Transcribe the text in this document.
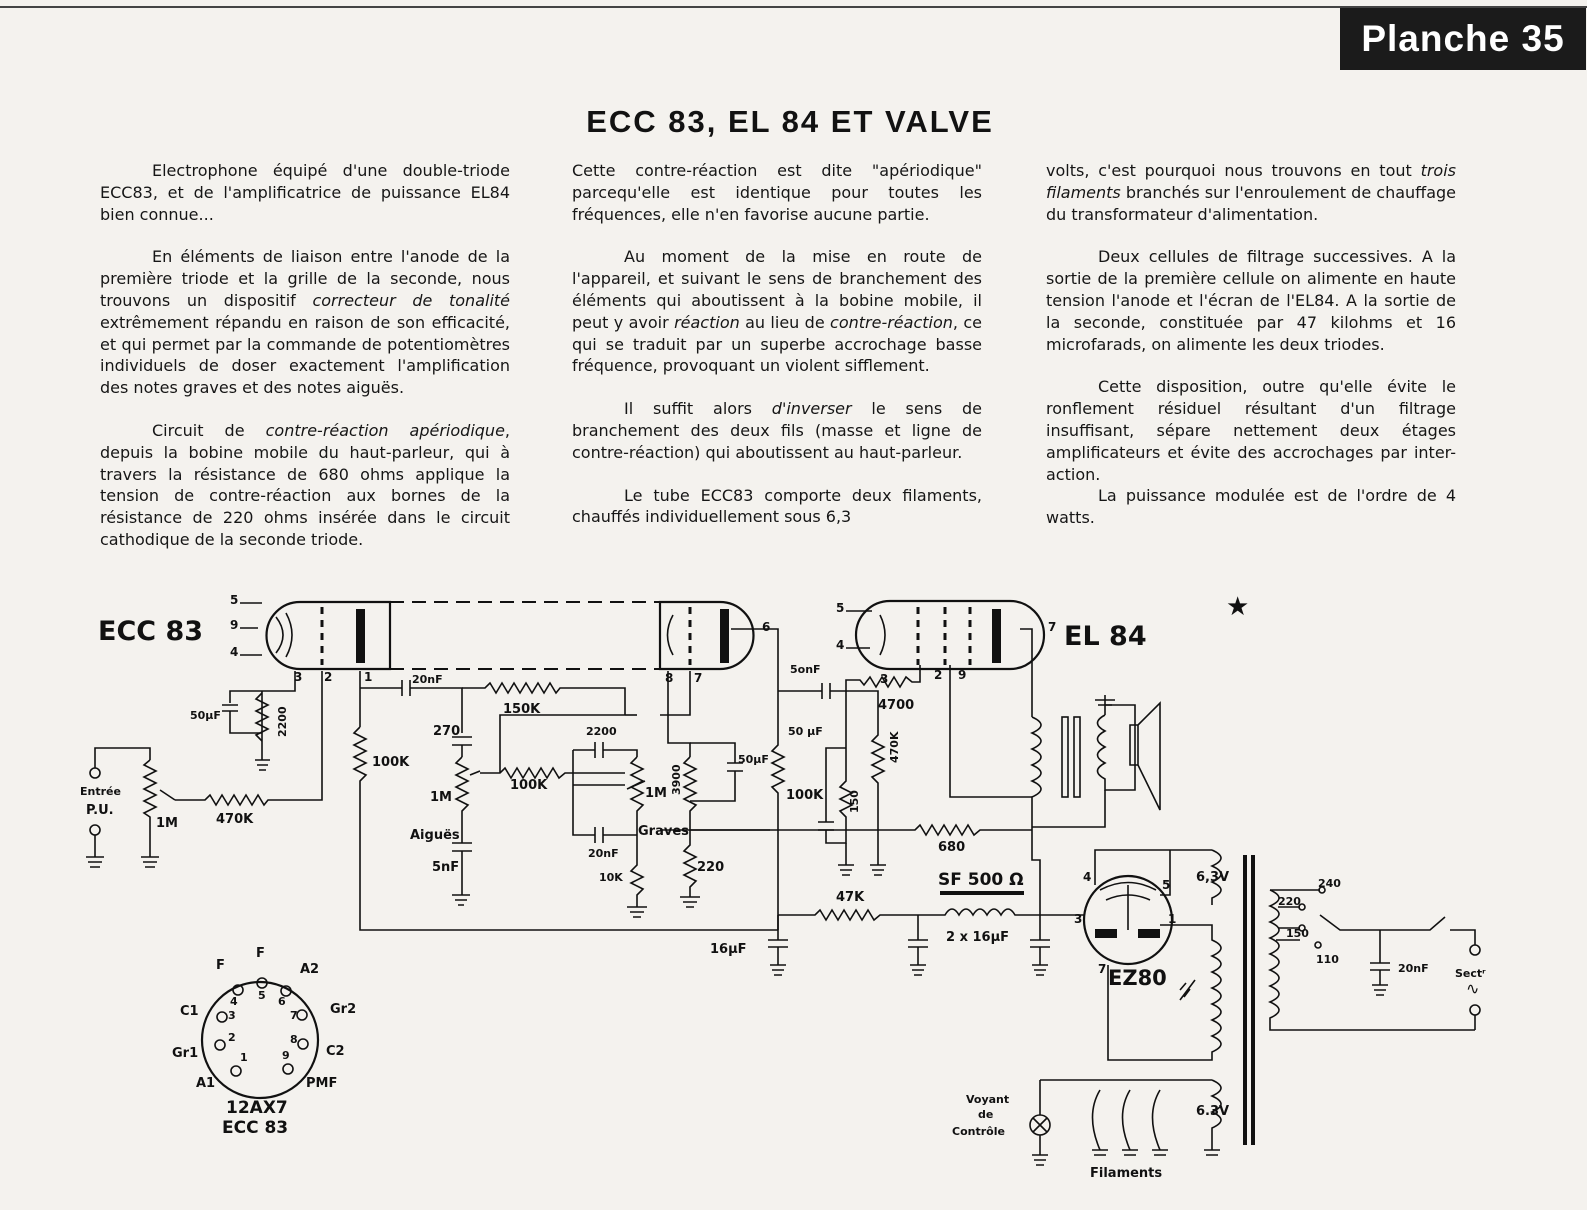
Planche 35
ECC 83, EL 84 ET VALVE

Electrophone équipé d'une double-triode ECC83, et de l'amplificatrice de puissance EL84 bien connue...

En éléments de liaison entre l'anode de la première triode et la grille de la seconde, nous trouvons un dispositif correcteur de tonalité extrêmement répandu en raison de son efficacité, et qui permet par la commande de potentiomètres individuels de doser exactement l'amplification des notes graves et des notes aiguës.

Circuit de contre-réaction apériodique, depuis la bobine mobile du haut-parleur, qui à travers la résistance de 680 ohms applique la tension de contre-réaction aux bornes de la résistance de 220 ohms insérée dans le circuit cathodique de la seconde triode.

Cette contre-réaction est dite "apériodique" parcequ'elle est identique pour toutes les fréquences, elle n'en favorise aucune partie.

Au moment de la mise en route de l'appareil, et suivant le sens de branchement des éléments qui aboutissent à la bobine mobile, il peut y avoir réaction au lieu de contre-réaction, ce qui se traduit par un superbe accrochage basse fréquence, provoquant un violent sifflement.

Il suffit alors d'inverser le sens de branchement des deux fils (masse et ligne de contre-réaction) qui aboutissent au haut-parleur.

Le tube ECC83 comporte deux filaments, chauffés individuellement sous 6,3

volts, c'est pourquoi nous trouvons en tout trois filaments branchés sur l'enroulement de chauffage du transformateur d'alimentation.

Deux cellules de filtrage successives. A la sortie de la première cellule on alimente en haute tension l'anode et l'écran de l'EL84. A la sortie de la seconde, constituée par 47 kilohms et 16 microfarads, on alimente les deux triodes.

Cette disposition, outre qu'elle évite le ronflement résiduel résultant d'un filtrage insuffisant, sépare nettement deux étages amplificateurs et évite des accrochages par inter-action.

La puissance modulée est de l'ordre de 4 watts.

★
ECC 83
5
9
4
3 2	1	8 7
6	EL 84
5
4
3	2 9
7
Entrée
P.U.
1M	470K
50µF	2200
100K
20nF
150K
270
1M
Aiguës
5nF
100K
2200
1M
Graves
20nF
10K
3900
50µF
220
100K
5onF
4700
50 µF
150
470K
680
47K
16µF
SF 500 Ω
2 x 16µF
EZ80
4
5
3	1
7
6,3V	240
220
150
110
20nF Sectʳ
∿
6.3V
Voyant
de
Contrôle
Filaments
4 5 6
7
8
9
1
2
3
F
F
A2
Gr2
C2
PMF
A1
Gr1
C1
12AX7
ECC 83
